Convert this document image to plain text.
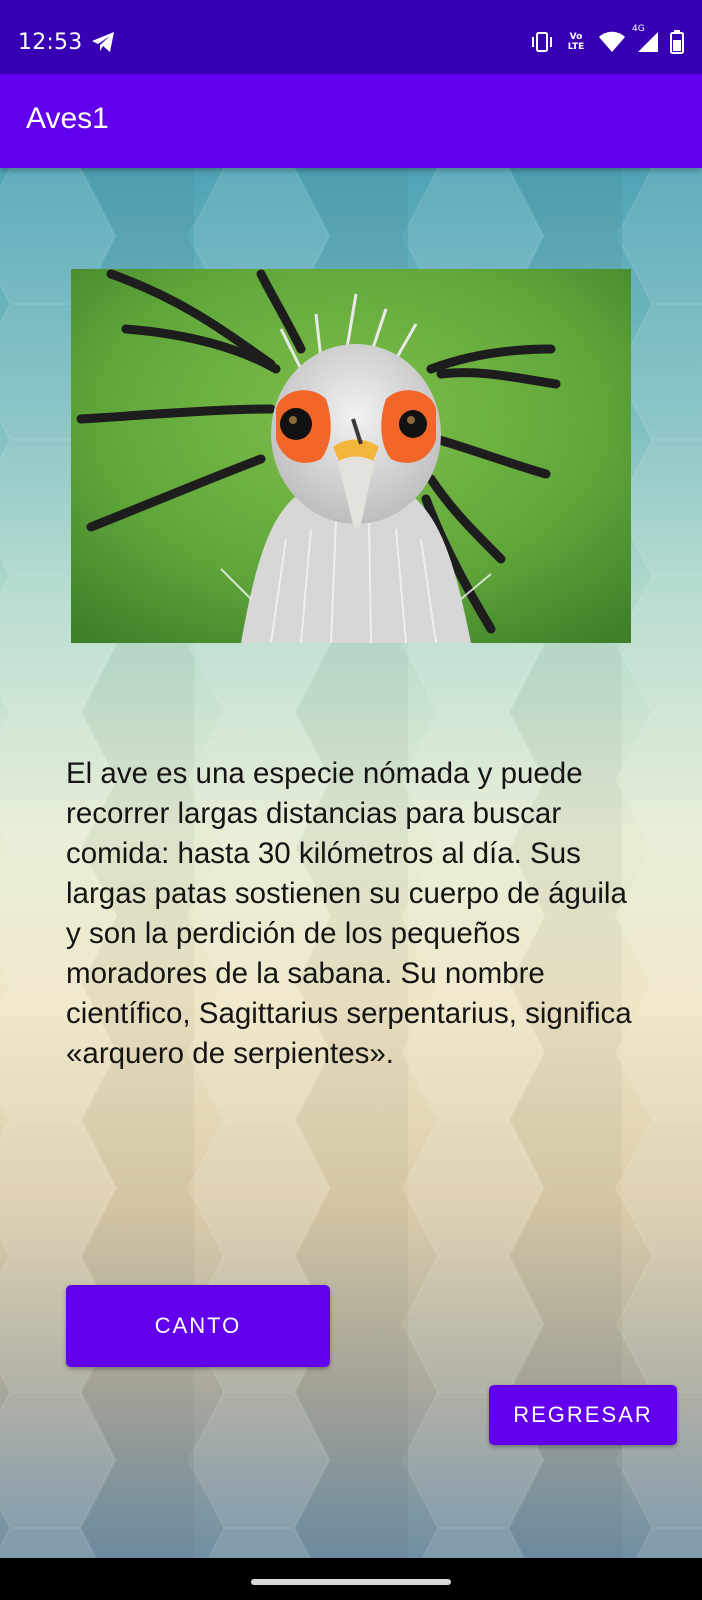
12:53	Vo
LTE
4G
Aves1
El ave es una especie nómada y puede recorrer largas distancias para buscar comida: hasta 30 kilómetros al día. Sus largas patas sostienen su cuerpo de águila y son la perdición de los pequeños moradores de la sabana. Su nombre científico, Sagittarius serpentarius, significa «arquero de serpientes».
CANTO
REGRESAR
